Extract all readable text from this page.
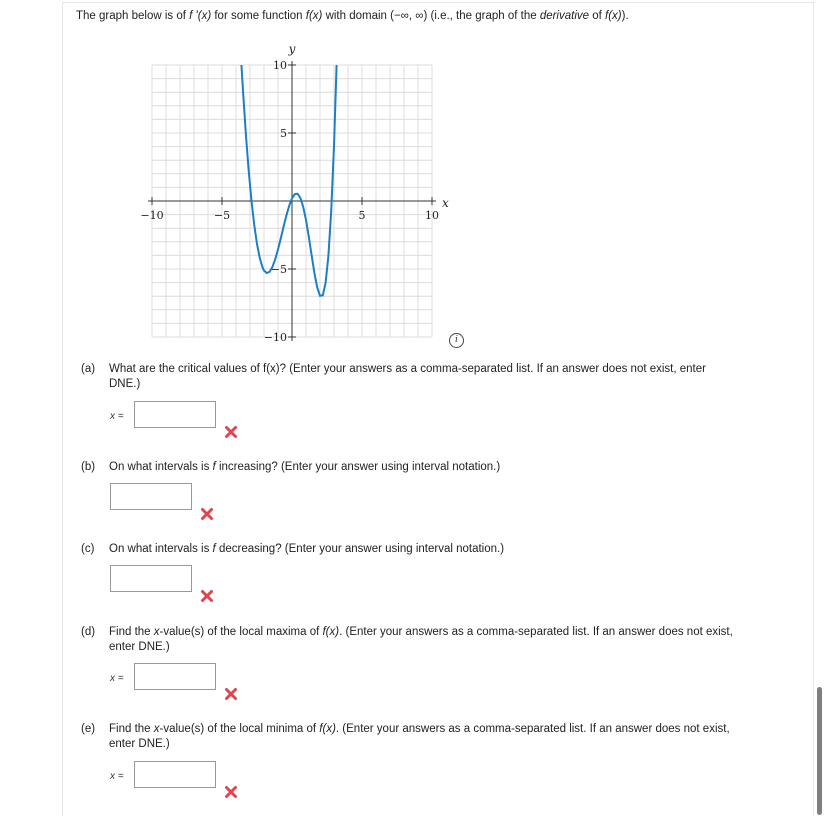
The graph below is of f '(x) for some function f(x) with domain (−∞, ∞) (i.e., the graph of the derivative of f(x)).
−10	−5	5	10
10
5
−5
−10
x
y
i
(a) What are the critical values of f(x)? (Enter your answers as a comma-separated list. If an answer does not exist, enter
DNE.)
x =
(b) On what intervals is f increasing? (Enter your answer using interval notation.)
(c) On what intervals is f decreasing? (Enter your answer using interval notation.)
(d) Find the x-value(s) of the local maxima of f(x). (Enter your answers as a comma-separated list. If an answer does not exist,
enter DNE.)
x =
(e) Find the x-value(s) of the local minima of f(x). (Enter your answers as a comma-separated list. If an answer does not exist,
enter DNE.)
x =
